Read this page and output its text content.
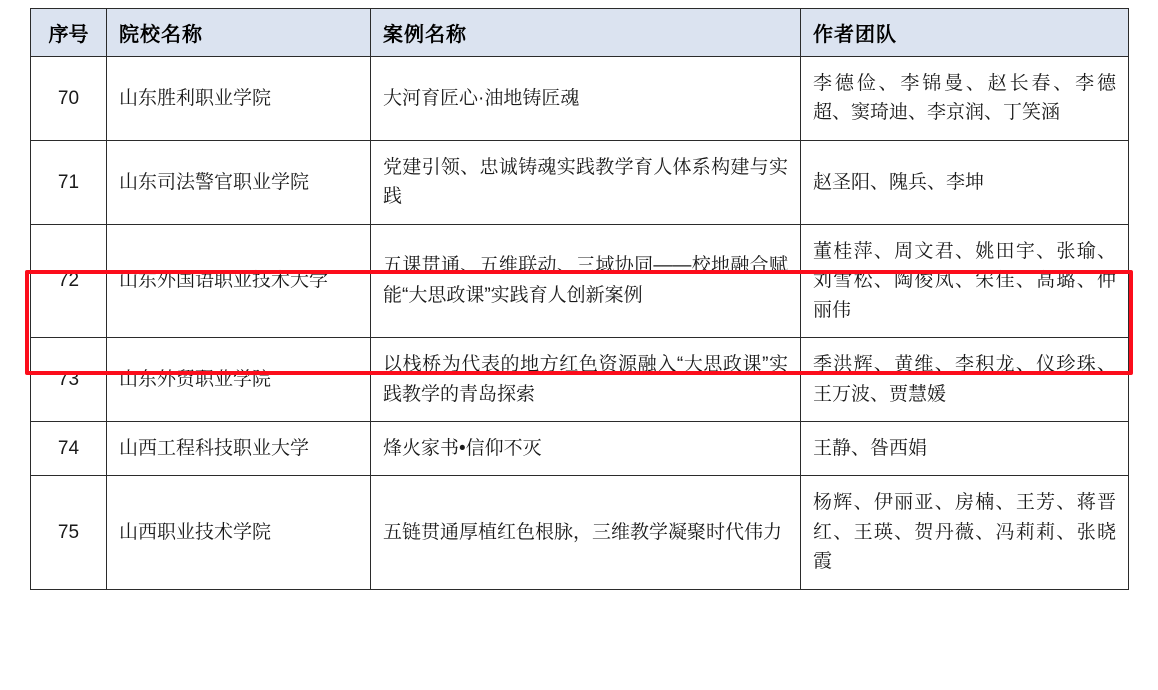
序号	院校名称	案例名称	作者团队
70	山东胜利职业学院	大河育匠心·油地铸匠魂	李德俭、李锦曼、赵长春、李德超、窦琦迪、李京润、丁笑涵
71	山东司法警官职业学院	党建引领、忠诚铸魂实践教学育人体系构建与实践	赵圣阳、隗兵、李坤
72	山东外国语职业技术大学	五课贯通、五维联动、三域协同——校地融合赋能“大思政课”实践育人创新案例	董桂萍、周文君、姚田宇、张瑜、刘雪松、陶俊凤、宋佳、高璐、仲丽伟
73	山东外贸职业学院	以栈桥为代表的地方红色资源融入“大思政课”实践教学的青岛探索	季洪辉、黄维、李积龙、仪珍珠、王万波、贾慧媛
74	山西工程科技职业大学	烽火家书•信仰不灭	王静、昝西娟
75	山西职业技术学院	五链贯通厚植红色根脉，三维教学凝聚时代伟力	杨辉、伊丽亚、房楠、王芳、蒋晋红、王瑛、贺丹薇、冯莉莉、张晓霞
